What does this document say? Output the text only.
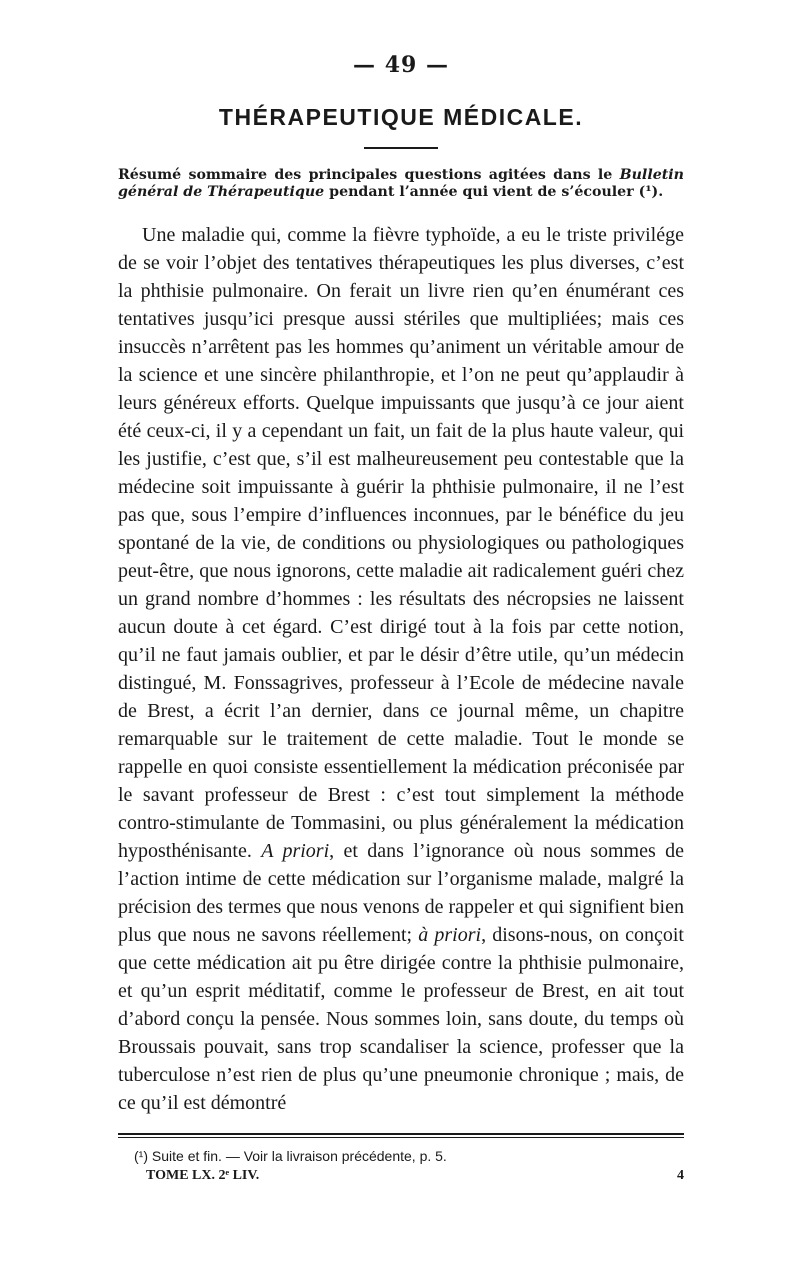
— 49 —
THÉRAPEUTIQUE MÉDICALE.
Résumé sommaire des principales questions agitées dans le Bulletin général de Thérapeutique pendant l’année qui vient de s’écouler (¹).

Une maladie qui, comme la fièvre typhoïde, a eu le triste privilége de se voir l’objet des tentatives thérapeutiques les plus diverses, c’est la phthisie pulmonaire. On ferait un livre rien qu’en énumérant ces tentatives jusqu’ici presque aussi stériles que multipliées; mais ces insuccès n’arrêtent pas les hommes qu’animent un véritable amour de la science et une sincère philanthropie, et l’on ne peut qu’applaudir à leurs généreux efforts. Quelque impuissants que jusqu’à ce jour aient été ceux-ci, il y a cependant un fait, un fait de la plus haute valeur, qui les justifie, c’est que, s’il est malheureusement peu contestable que la médecine soit impuissante à guérir la phthisie pulmonaire, il ne l’est pas que, sous l’empire d’influences inconnues, par le bénéfice du jeu spontané de la vie, de conditions ou physiologiques ou pathologiques peut-être, que nous ignorons, cette maladie ait radicalement guéri chez un grand nombre d’hommes : les résultats des nécropsies ne laissent aucun doute à cet égard. C’est dirigé tout à la fois par cette notion, qu’il ne faut jamais oublier, et par le désir d’être utile, qu’un médecin distingué, M. Fonssagrives, professeur à l’Ecole de médecine navale de Brest, a écrit l’an dernier, dans ce journal même, un chapitre remarquable sur le traitement de cette maladie. Tout le monde se rappelle en quoi consiste essentiellement la médication préconisée par le savant professeur de Brest : c’est tout simplement la méthode contro-stimulante de Tommasini, ou plus généralement la médication hyposthénisante. A priori, et dans l’ignorance où nous sommes de l’action intime de cette médication sur l’organisme malade, malgré la précision des termes que nous venons de rappeler et qui signifient bien plus que nous ne savons réellement; à priori, disons-nous, on conçoit que cette médication ait pu être dirigée contre la phthisie pulmonaire, et qu’un esprit méditatif, comme le professeur de Brest, en ait tout d’abord conçu la pensée. Nous sommes loin, sans doute, du temps où Broussais pouvait, sans trop scandaliser la science, professer que la tuberculose n’est rien de plus qu’une pneumonie chronique ; mais, de ce qu’il est démontré

(¹) Suite et fin. — Voir la livraison précédente, p. 5.
TOME LX. 2ᵉ LIV.	4
